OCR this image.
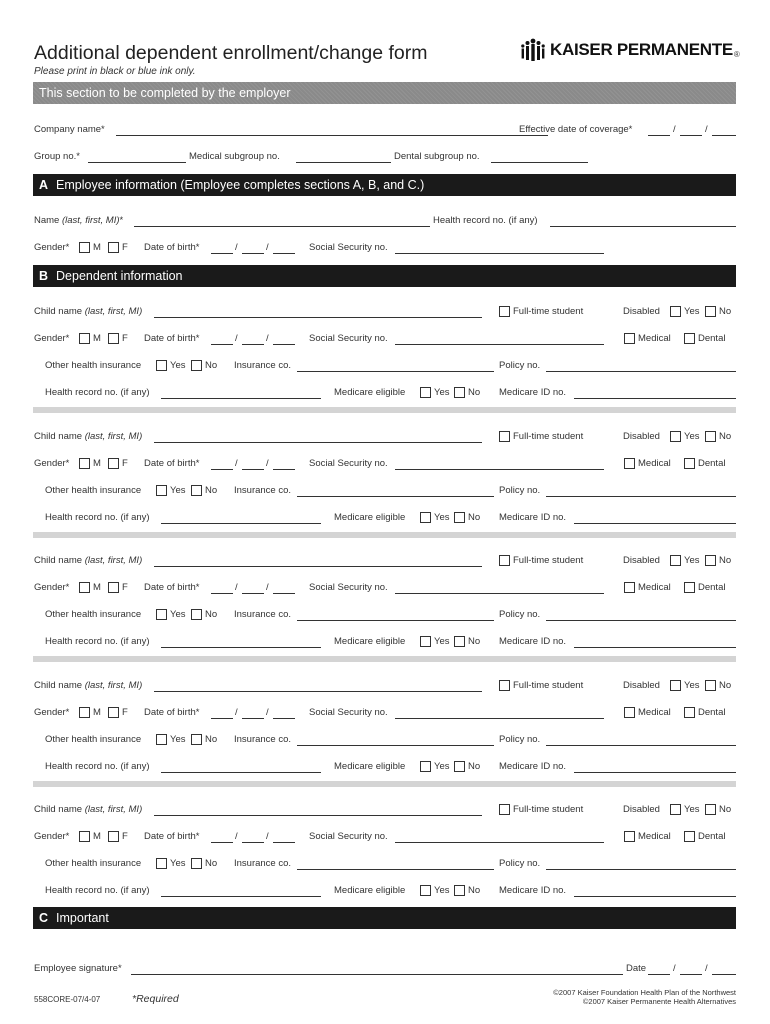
Additional dependent enrollment/change form
Please print in black or blue ink only.
KAISER PERMANENTE ®
This section to be completed by the employer
Company name*	Effective date of coverage*	/	/
Group no.*	Medical subgroup no.	Dental subgroup no.
A Employee information (Employee completes sections A, B, and C.)
Name (last, first, MI)*	Health record no. (if any)
Gender* M F Date of birth*	/	/	Social Security no.
B Dependent information
Child name (last, first, MI)	Full-time student	Disabled	Yes No
Gender* M F Date of birth*	/	/	Social Security no.	Medical	Dental
Other health insurance	Yes No Insurance co.	Policy no.
Health record no. (if any)	Medicare eligible	Yes No Medicare ID no.
Child name (last, first, MI)	Full-time student	Disabled	Yes No
Gender* M F Date of birth*	/	/	Social Security no.	Medical	Dental
Other health insurance	Yes No Insurance co.	Policy no.
Health record no. (if any)	Medicare eligible	Yes No Medicare ID no.
Child name (last, first, MI)	Full-time student	Disabled	Yes No
Gender* M F Date of birth*	/	/	Social Security no.	Medical	Dental
Other health insurance	Yes No Insurance co.	Policy no.
Health record no. (if any)	Medicare eligible	Yes No Medicare ID no.
Child name (last, first, MI)	Full-time student	Disabled	Yes No
Gender* M F Date of birth*	/	/	Social Security no.	Medical	Dental
Other health insurance	Yes No Insurance co.	Policy no.
Health record no. (if any)	Medicare eligible	Yes No Medicare ID no.
Child name (last, first, MI)	Full-time student	Disabled	Yes No
Gender* M F Date of birth*	/	/	Social Security no.	Medical	Dental
Other health insurance	Yes No Insurance co.	Policy no.
Health record no. (if any)	Medicare eligible	Yes No Medicare ID no.
C Important
Employee signature*	Date	/	/
558CORE-07/4-07	*Required
©2007 Kaiser Foundation Health Plan of the Northwest
©2007 Kaiser Permanente Health Alternatives
